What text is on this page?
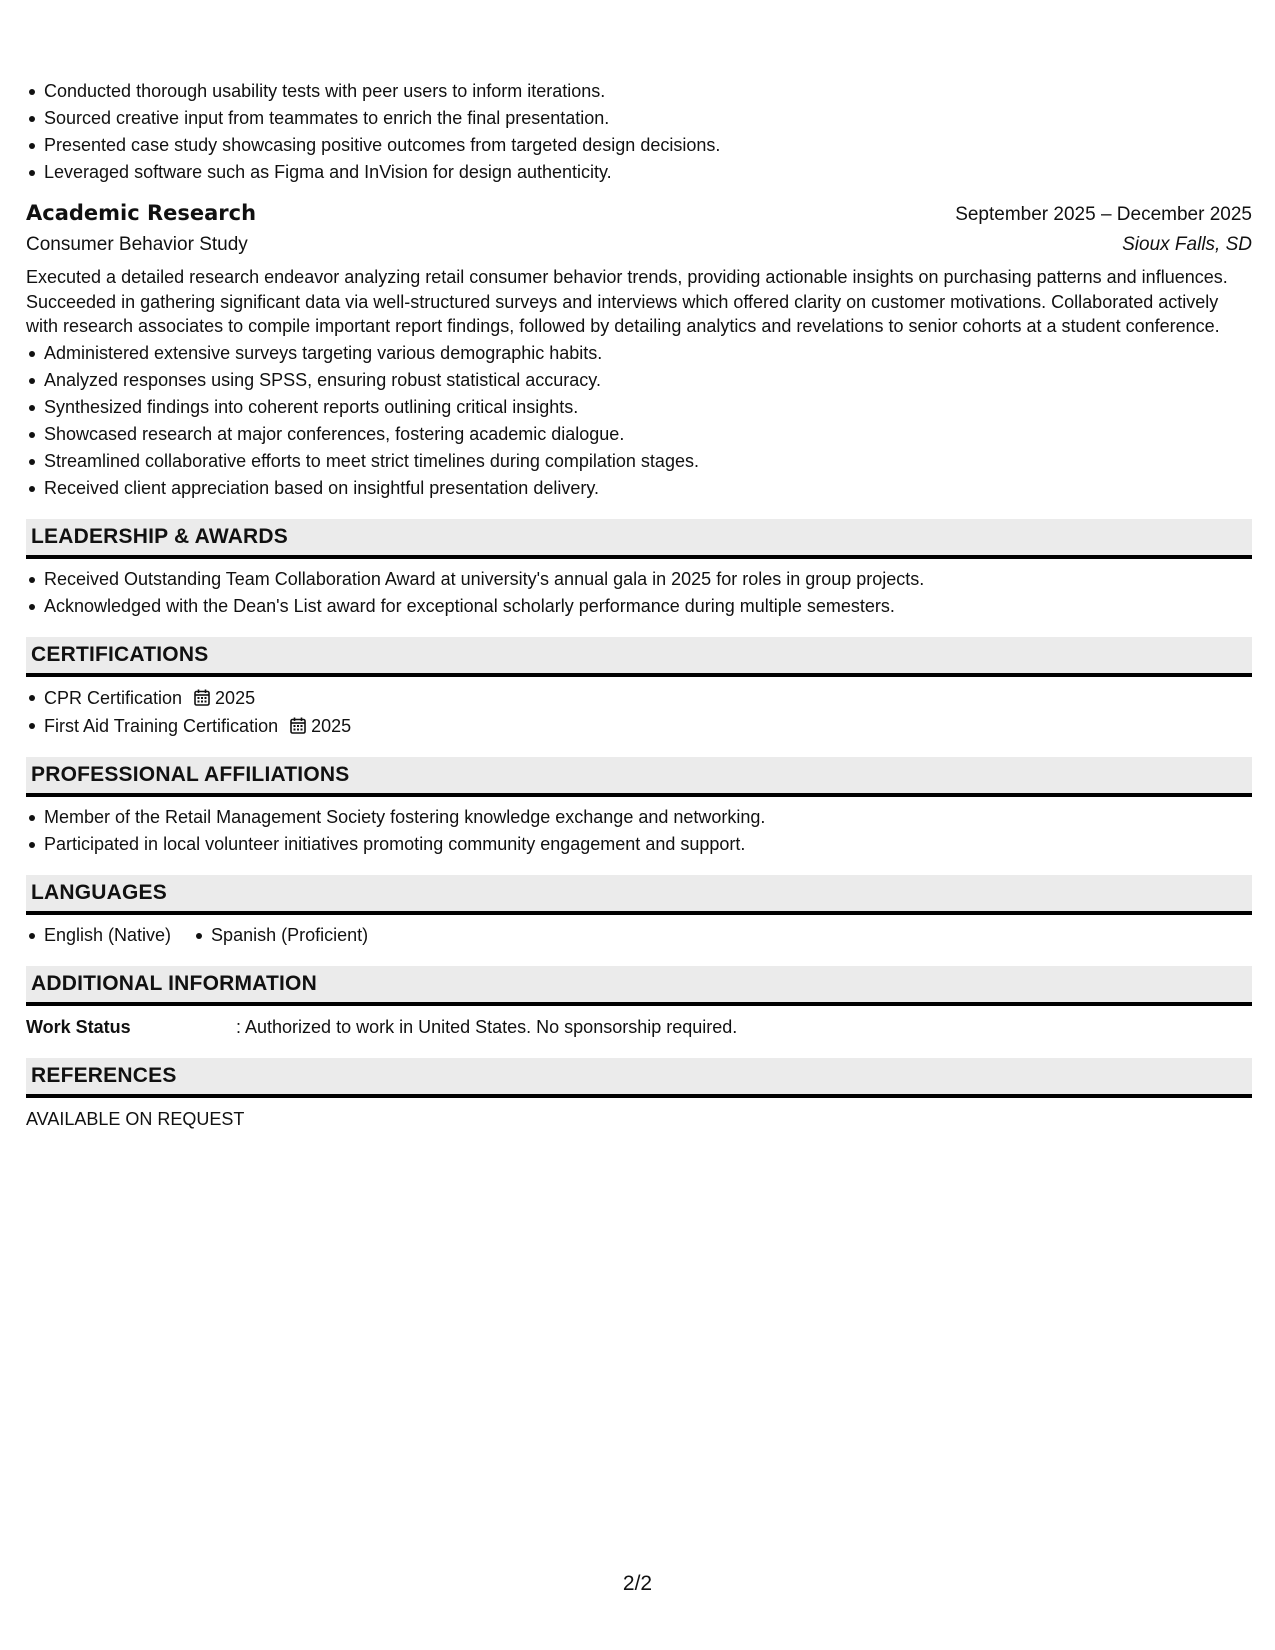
Conducted thorough usability tests with peer users to inform iterations.
Sourced creative input from teammates to enrich the final presentation.
Presented case study showcasing positive outcomes from targeted design decisions.
Leveraged software such as Figma and InVision for design authenticity.
Academic Research	September 2025 – December 2025
Consumer Behavior Study	Sioux Falls, SD
Executed a detailed research endeavor analyzing retail consumer behavior trends, providing actionable insights on purchasing patterns and influences. Succeeded in gathering significant data via well-structured surveys and interviews which offered clarity on customer motivations. Collaborated actively with research associates to compile important report findings, followed by detailing analytics and revelations to senior cohorts at a student conference.
Administered extensive surveys targeting various demographic habits.
Analyzed responses using SPSS, ensuring robust statistical accuracy.
Synthesized findings into coherent reports outlining critical insights.
Showcased research at major conferences, fostering academic dialogue.
Streamlined collaborative efforts to meet strict timelines during compilation stages.
Received client appreciation based on insightful presentation delivery.
LEADERSHIP & AWARDS
Received Outstanding Team Collaboration Award at university's annual gala in 2025 for roles in group projects.
Acknowledged with the Dean's List award for exceptional scholarly performance during multiple semesters.
CERTIFICATIONS
CPR Certification 2025
First Aid Training Certification 2025
PROFESSIONAL AFFILIATIONS
Member of the Retail Management Society fostering knowledge exchange and networking.
Participated in local volunteer initiatives promoting community engagement and support.
LANGUAGES
English (Native)	Spanish (Proficient)
ADDITIONAL INFORMATION
Work Status	: Authorized to work in United States. No sponsorship required.
REFERENCES
AVAILABLE ON REQUEST
2/2
